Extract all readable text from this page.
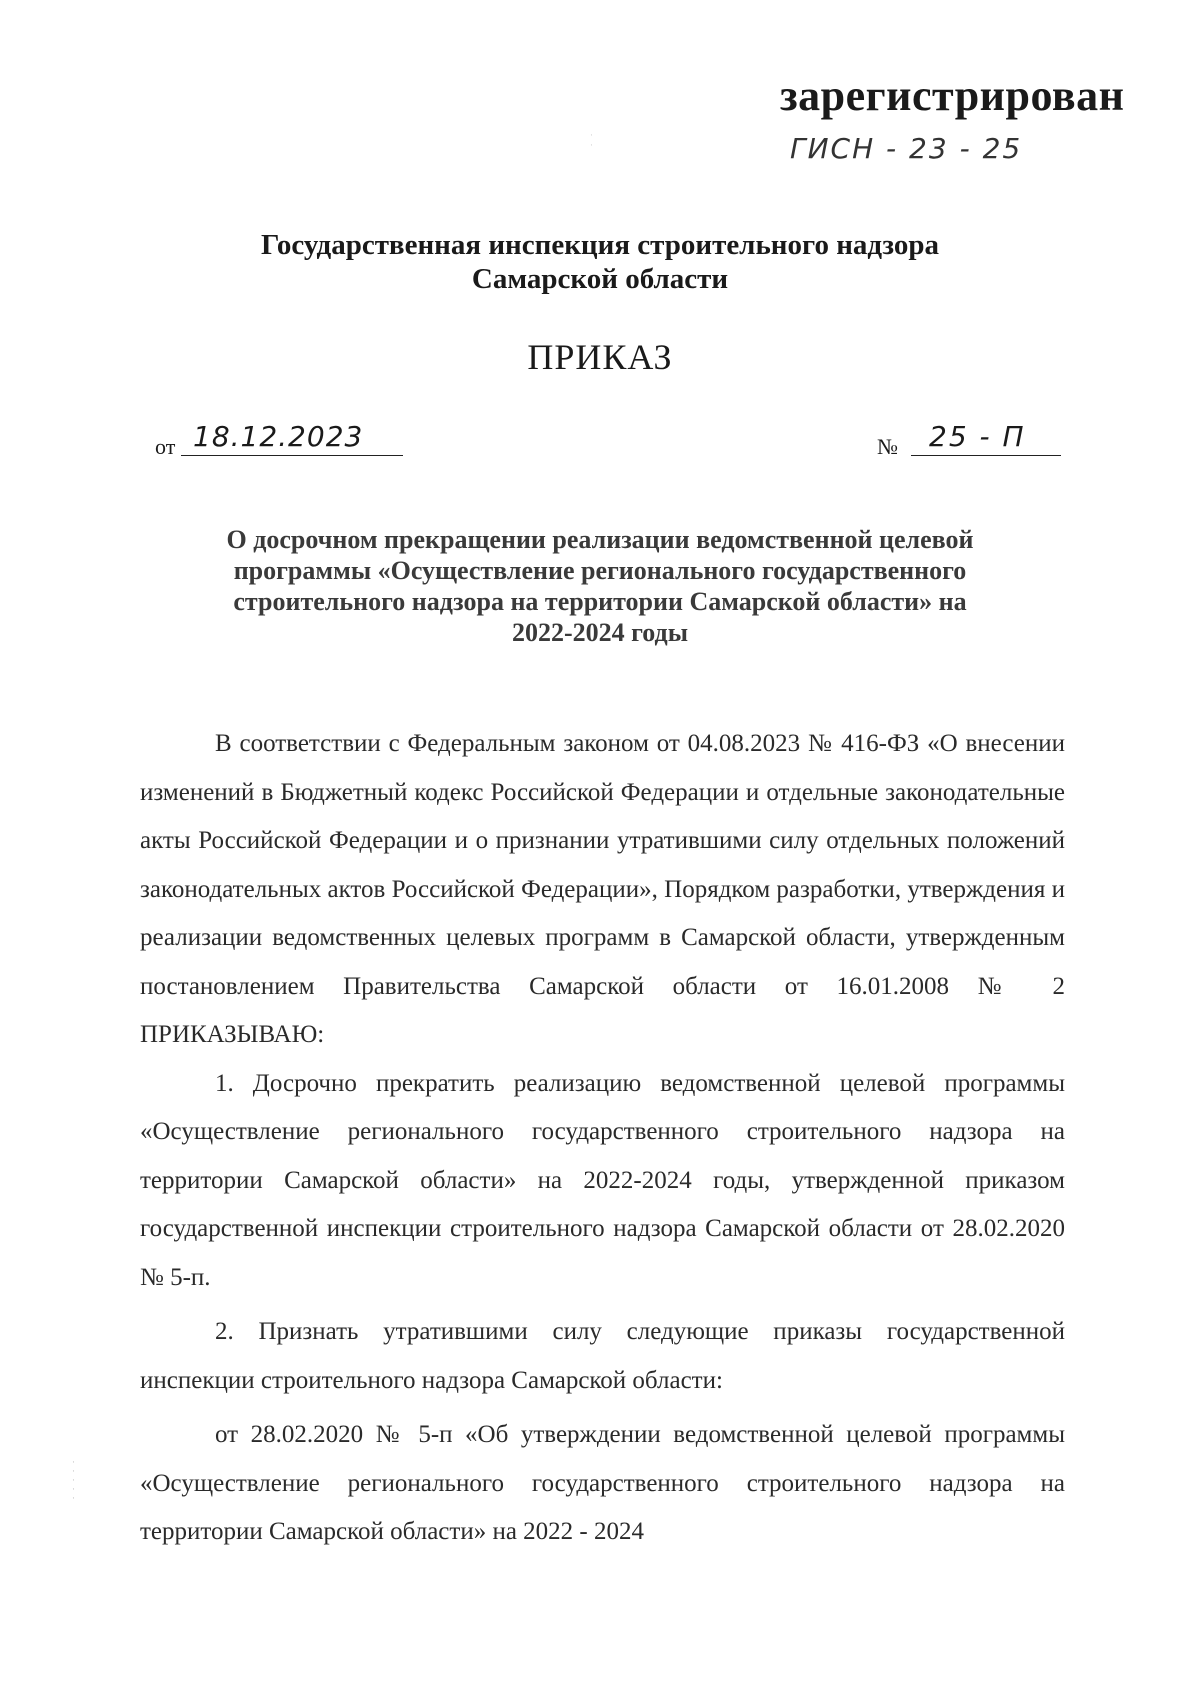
·
·
зарегистрирован
ГИСН - 23 - 25
Государственная инспекция строительного надзора
Самарской области
ПРИКАЗ
от 18.12.2023	№	25 - П
О досрочном прекращении реализации ведомственной целевой
программы «Осуществление регионального государственного
строительного надзора на территории Самарской области» на
2022-2024 годы

В соответствии с Федеральным законом от 04.08.2023 № 416-ФЗ «О внесении изменений в Бюджетный кодекс Российской Федерации и отдельные законодательные акты Российской Федерации и о признании утратившими силу отдельных положений законодательных актов Российской Федерации», Порядком разработки, утверждения и реализации ведомственных целевых программ в Самарской области, утвержденным постановлением Правительства Самарской области от 16.01.2008 № 2 ПРИКАЗЫВАЮ:

1. Досрочно прекратить реализацию ведомственной целевой программы «Осуществление регионального государственного строительного надзора на территории Самарской области» на 2022-2024 годы, утвержденной приказом государственной инспекции строительного надзора Самарской области от 28.02.2020 № 5-п.

2. Признать утратившими силу следующие приказы государственной инспекции строительного надзора Самарской области:

от 28.02.2020 № 5-п «Об утверждении ведомственной целевой программы «Осуществление регионального государственного строительного надзора на территории Самарской области» на 2022 - 2024

·
·
·
·
·
